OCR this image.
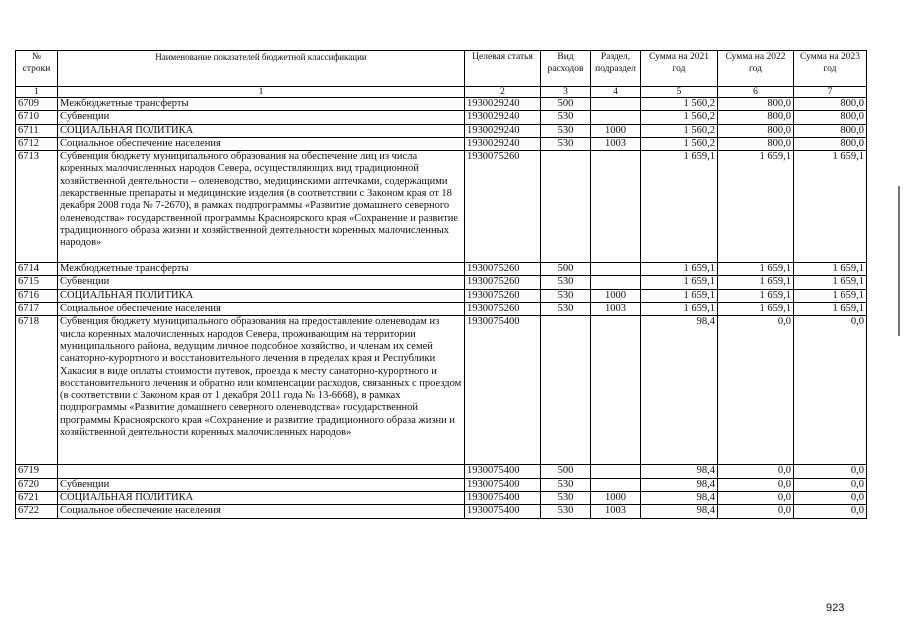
№ строки	Наименование показателей бюджетной классификации	Целевая статья	Вид расходов	Раздел, подраздел	Сумма на 2021 год	Сумма на 2022 год	Сумма на 2023 год
1	1	2	3	4	5	6	7
6709	Межбюджетные трансферты	1930029240	500		1 560,2	800,0	800,0
6710	Субвенции	1930029240	530		1 560,2	800,0	800,0
6711	СОЦИАЛЬНАЯ ПОЛИТИКА	1930029240	530	1000	1 560,2	800,0	800,0
6712	Социальное обеспечение населения	1930029240	530	1003	1 560,2	800,0	800,0
6713	Субвенция бюджету муниципального образования на обеспечение лиц из числа коренных малочисленных народов Севера, осуществляющих вид традиционной хозяйственной деятельности – оленеводство, медицинскими аптечками, содержащими лекарственные препараты и медицинские изделия (в соответствии с Законом края от 18 декабря 2008 года № 7-2670), в рамках подпрограммы «Развитие домашнего северного оленеводства» государственной программы Красноярского края «Сохранение и развитие традиционного образа жизни и хозяйственной деятельности коренных малочисленных народов»	1930075260			1 659,1	1 659,1	1 659,1
6714	Межбюджетные трансферты	1930075260	500		1 659,1	1 659,1	1 659,1
6715	Субвенции	1930075260	530		1 659,1	1 659,1	1 659,1
6716	СОЦИАЛЬНАЯ ПОЛИТИКА	1930075260	530	1000	1 659,1	1 659,1	1 659,1
6717	Социальное обеспечение населения	1930075260	530	1003	1 659,1	1 659,1	1 659,1
6718	Субвенция бюджету муниципального образования на предоставление оленеводам из числа коренных малочисленных народов Севера, проживающим на территории муниципального района, ведущим личное подсобное хозяйство, и членам их семей санаторно-курортного и восстановительного лечения в пределах края и Республики Хакасия в виде оплаты стоимости путевок, проезда к месту санаторно-курортного и восстановительного лечения и обратно или компенсации расходов, связанных с проездом (в соответствии с Законом края от 1 декабря 2011 года № 13-6668), в рамках подпрограммы «Развитие домашнего северного оленеводства» государственной программы Красноярского края «Сохранение и развитие традиционного образа жизни и хозяйственной деятельности коренных малочисленных народов»	1930075400			98,4	0,0	0,0
6719		1930075400	500		98,4	0,0	0,0
6720	Субвенции	1930075400	530		98,4	0,0	0,0
6721	СОЦИАЛЬНАЯ ПОЛИТИКА	1930075400	530	1000	98,4	0,0	0,0
6722	Социальное обеспечение населения	1930075400	530	1003	98,4	0,0	0,0
923
